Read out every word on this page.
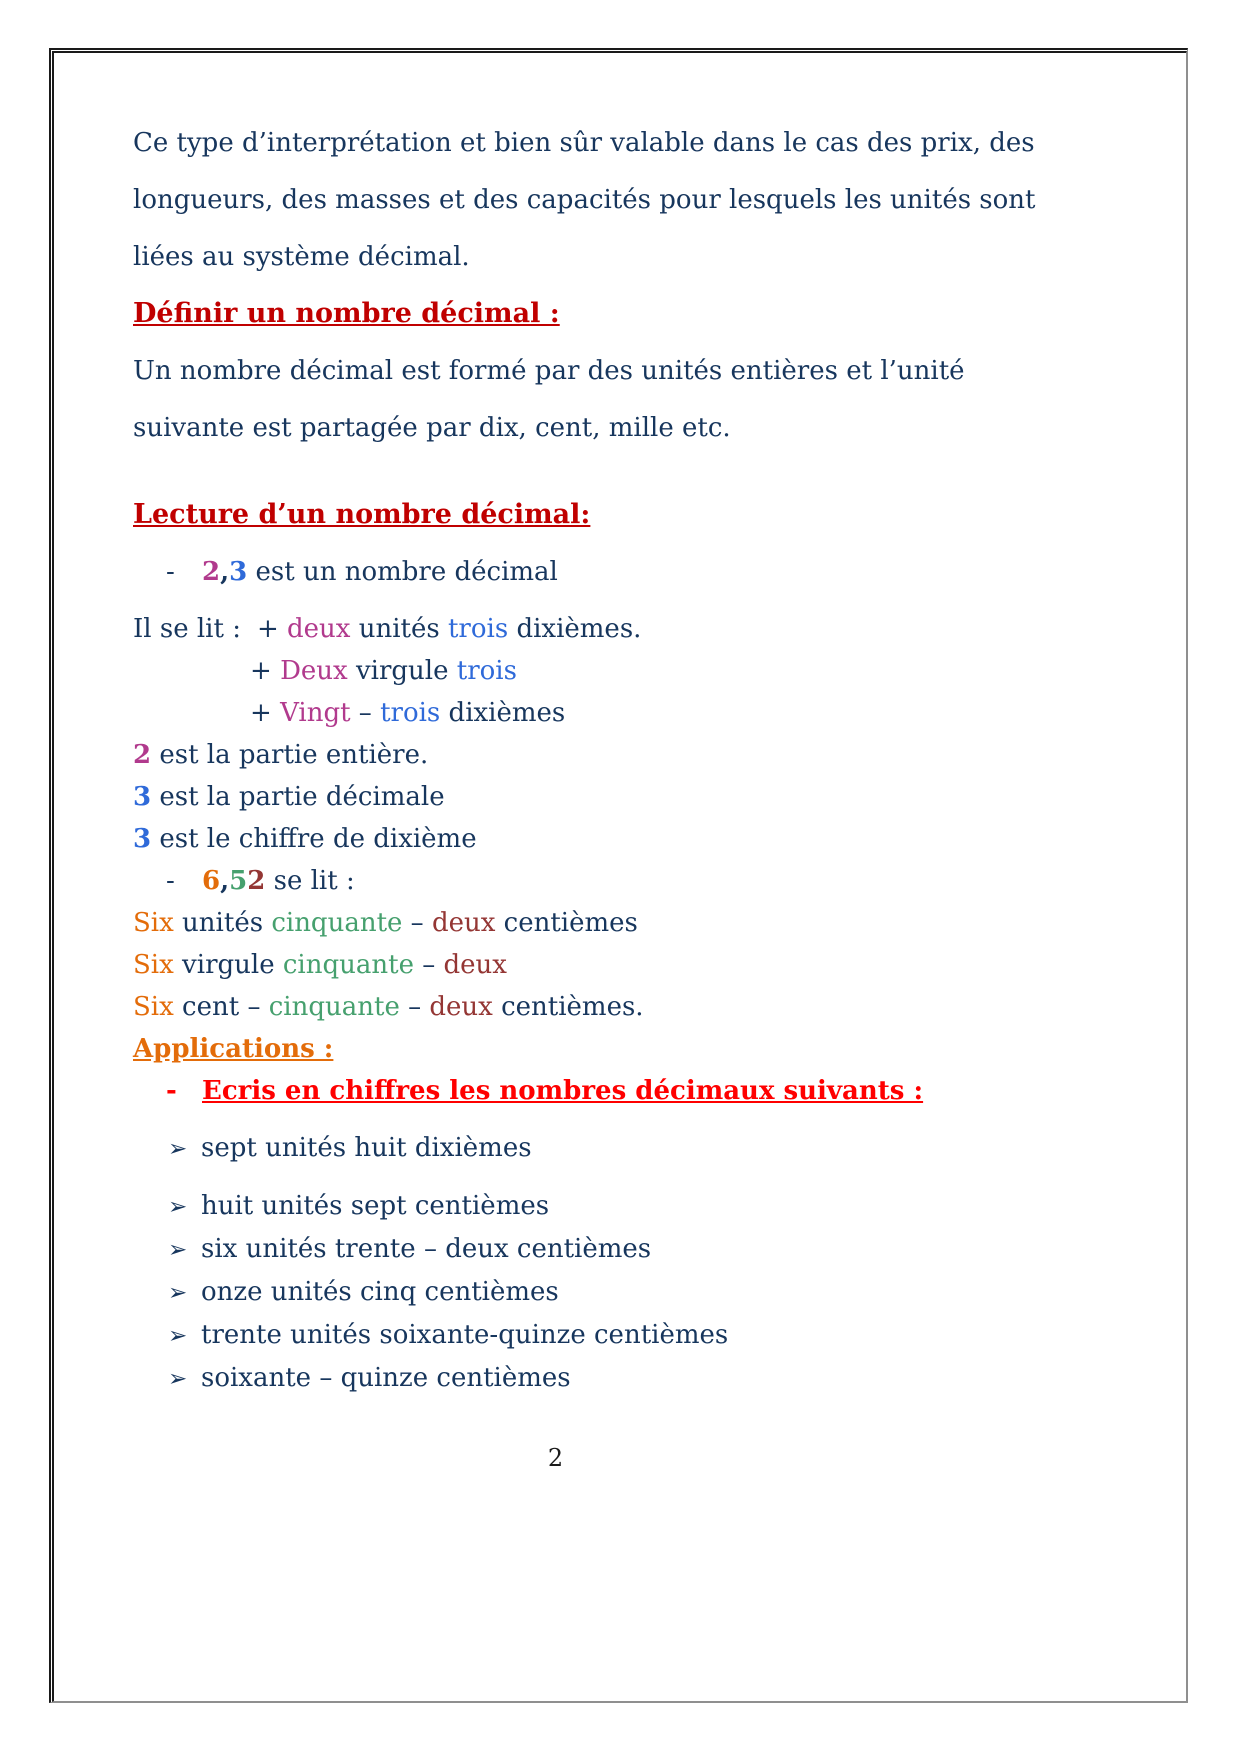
Ce type d’interprétation et bien sûr valable dans le cas des prix, des
longueurs, des masses et des capacités pour lesquels les unités sont
liées au système décimal.
Définir un nombre décimal :
Un nombre décimal est formé par des unités entières et l’unité
suivante est partagée par dix, cent, mille etc.
Lecture d’un nombre décimal:
- 2,3 est un nombre décimal
Il se lit : + deux unités trois dixièmes.
+ Deux virgule trois
+ Vingt – trois dixièmes
2 est la partie entière.
3 est la partie décimale
3 est le chiffre de dixième
- 6,52 se lit :
Six unités cinquante – deux centièmes
Six virgule cinquante – deux
Six cent – cinquante – deux centièmes.
Applications :
- Ecris en chiffres les nombres décimaux suivants :
➢ sept unités huit dixièmes
➢ huit unités sept centièmes
➢ six unités trente – deux centièmes
➢ onze unités cinq centièmes
➢ trente unités soixante-quinze centièmes
➢ soixante – quinze centièmes
2
